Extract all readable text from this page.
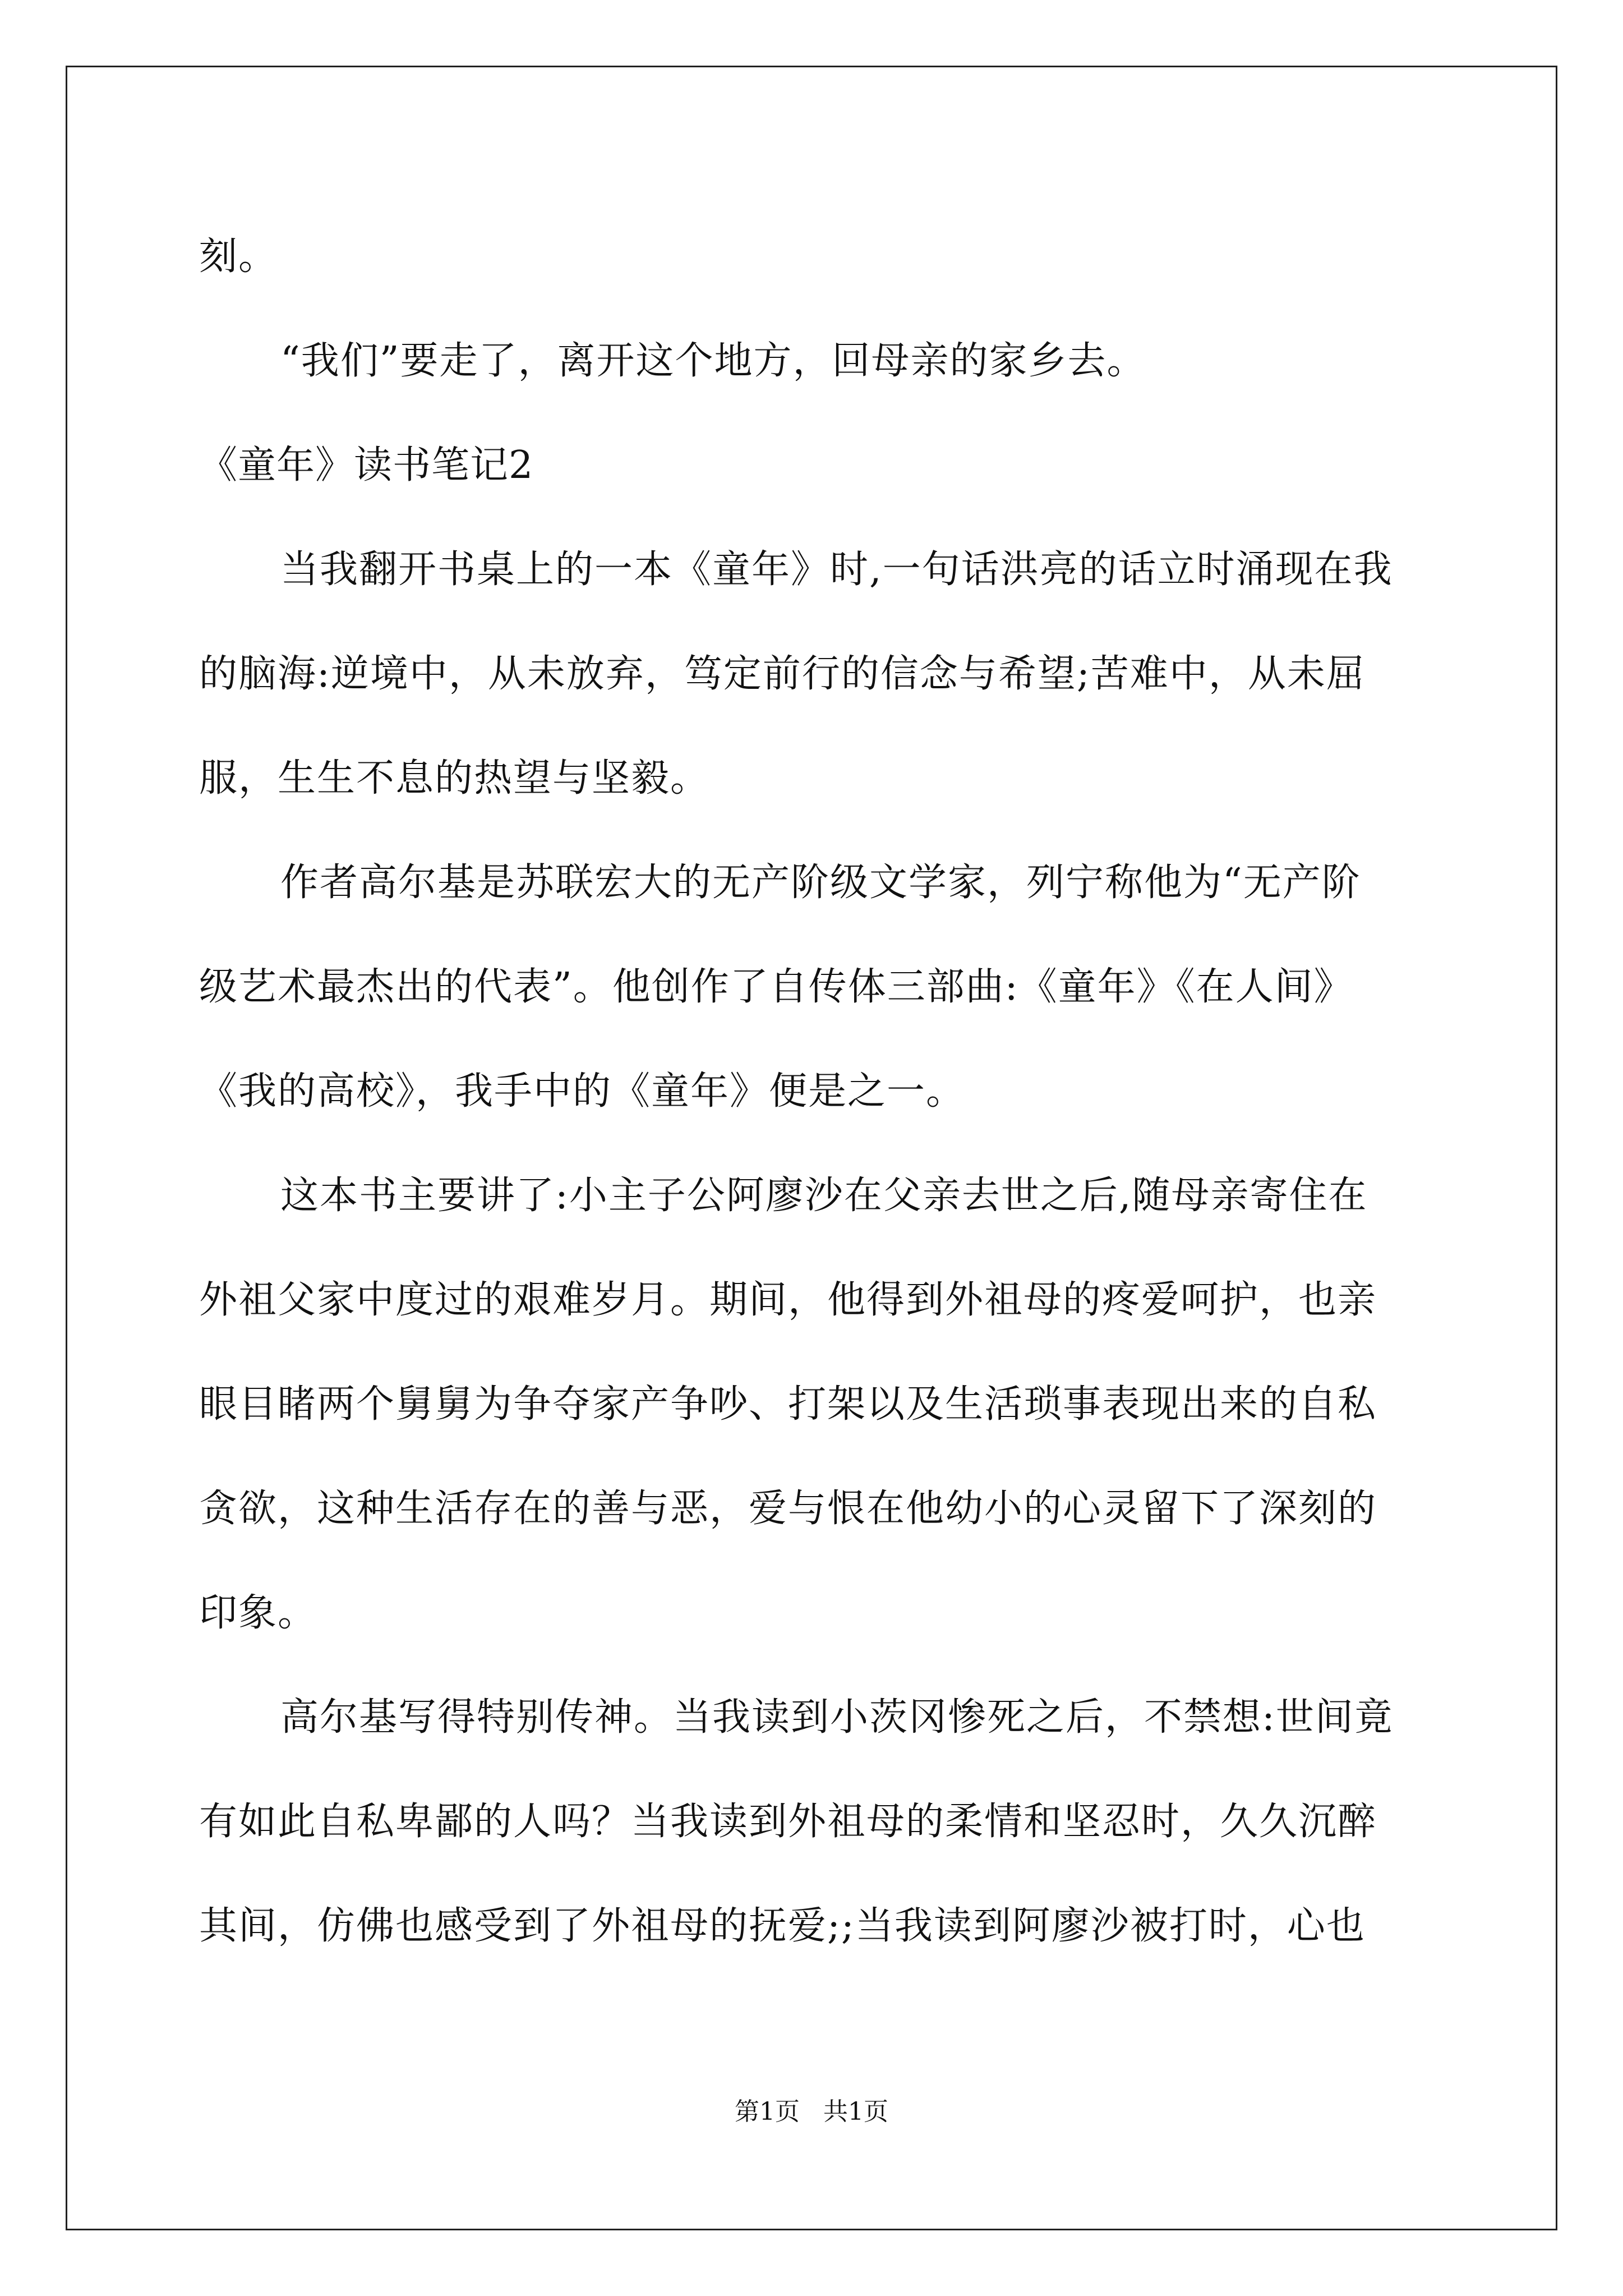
刻。
“我们”要走了，离开这个地方，回母亲的家乡去。
《童年》读书笔记2
当我翻开书桌上的一本《童年》时,一句话洪亮的话立时涌现在我
的脑海:逆境中，从未放弃，笃定前行的信念与希望;苦难中，从未屈
服，生生不息的热望与坚毅。
作者高尔基是苏联宏大的无产阶级文学家，列宁称他为“无产阶
级艺术最杰出的代表”。他创作了自传体三部曲:《童年》《在人间》
《我的高校》，我手中的《童年》便是之一。
这本书主要讲了:小主子公阿廖沙在父亲去世之后,随母亲寄住在
外祖父家中度过的艰难岁月。期间，他得到外祖母的疼爱呵护，也亲
眼目睹两个舅舅为争夺家产争吵、打架以及生活琐事表现出来的自私
贪欲，这种生活存在的善与恶，爱与恨在他幼小的心灵留下了深刻的
印象。
高尔基写得特别传神。当我读到小茨冈惨死之后，不禁想:世间竟
有如此自私卑鄙的人吗？当我读到外祖母的柔情和坚忍时，久久沉醉
其间，仿佛也感受到了外祖母的抚爱;;当我读到阿廖沙被打时，心也
第1页   共1页
